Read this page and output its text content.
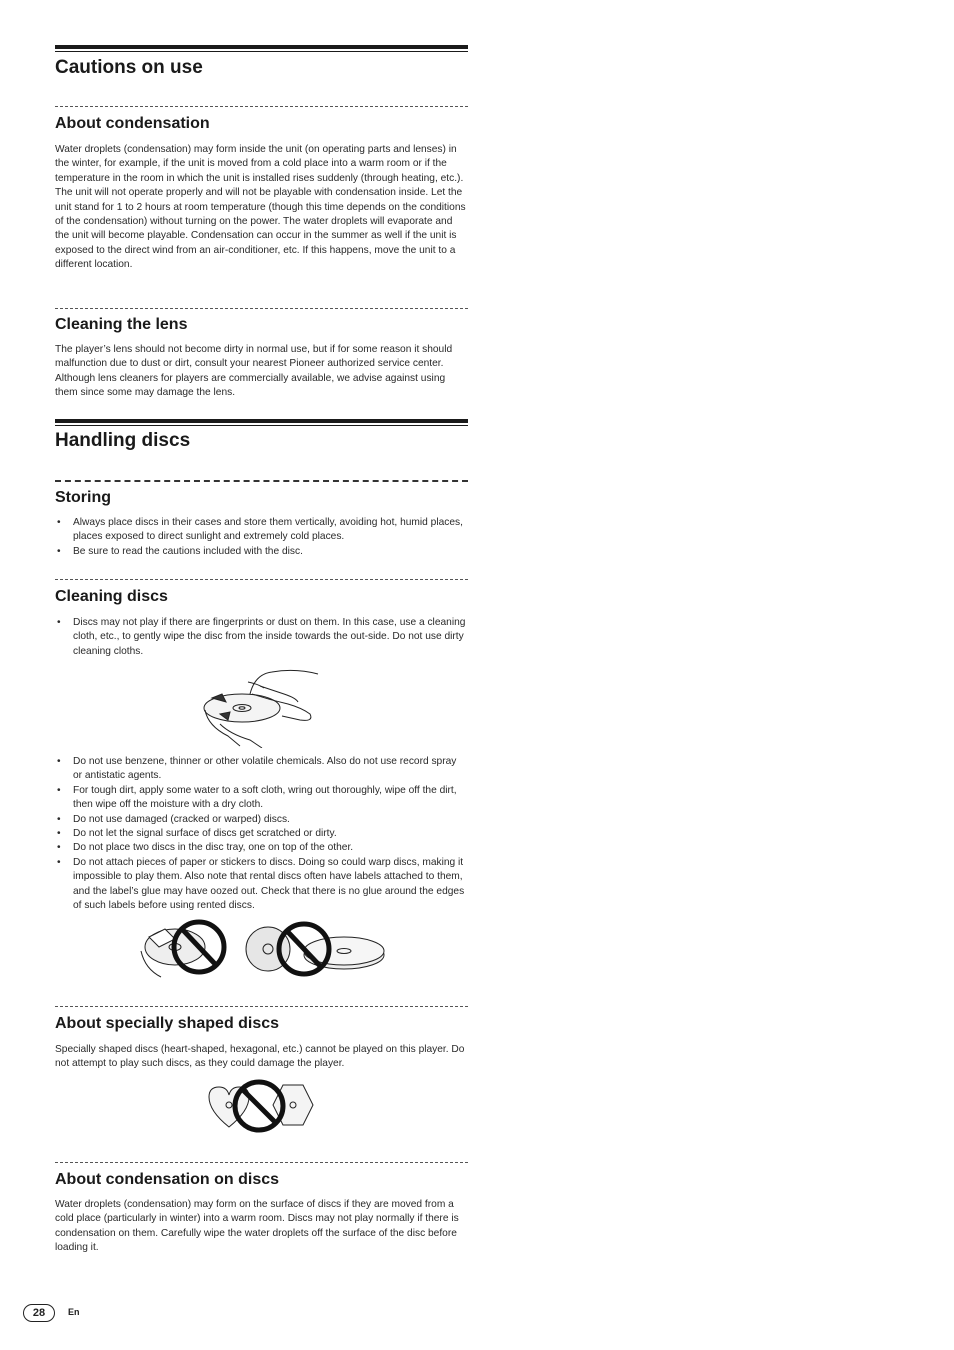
Cautions on use
About condensation

Water droplets (condensation) may form inside the unit (on operating parts and lenses) in the winter, for example, if the unit is moved from a cold place into a warm room or if the temperature in the room in which the unit is installed rises suddenly (through heating, etc.). The unit will not operate properly and will not be playable with condensation inside. Let the unit stand for 1 to 2 hours at room temperature (though this time depends on the conditions of the condensation) without turning on the power. The water droplets will evaporate and the unit will become playable. Condensation can occur in the summer as well if the unit is exposed to the direct wind from an air-conditioner, etc. If this happens, move the unit to a different location.

Cleaning the lens

The player’s lens should not become dirty in normal use, but if for some reason it should malfunction due to dust or dirt, consult your nearest Pioneer authorized service center. Although lens cleaners for players are commercially available, we advise against using them since some may damage the lens.

Handling discs
Storing
• Always place discs in their cases and store them vertically, avoiding hot, humid places, places exposed to direct sunlight and extremely cold places.
• Be sure to read the cautions included with the disc.
Cleaning discs
• Discs may not play if there are fingerprints or dust on them. In this case, use a cleaning cloth, etc., to gently wipe the disc from the inside towards the out-side. Do not use dirty cleaning cloths.
• Do not use benzene, thinner or other volatile chemicals. Also do not use record spray or antistatic agents.
• For tough dirt, apply some water to a soft cloth, wring out thoroughly, wipe off the dirt, then wipe off the moisture with a dry cloth.
• Do not use damaged (cracked or warped) discs.
• Do not let the signal surface of discs get scratched or dirty.
• Do not place two discs in the disc tray, one on top of the other.
• Do not attach pieces of paper or stickers to discs. Doing so could warp discs, making it impossible to play them. Also note that rental discs often have labels attached to them, and the label’s glue may have oozed out. Check that there is no glue around the edges of such labels before using rented discs.
About specially shaped discs

Specially shaped discs (heart-shaped, hexagonal, etc.) cannot be played on this player. Do not attempt to play such discs, as they could damage the player.

About condensation on discs

Water droplets (condensation) may form on the surface of discs if they are moved from a cold place (particularly in winter) into a warm room. Discs may not play normally if there is condensation on them. Carefully wipe the water droplets off the surface of the disc before loading it.

28	En
